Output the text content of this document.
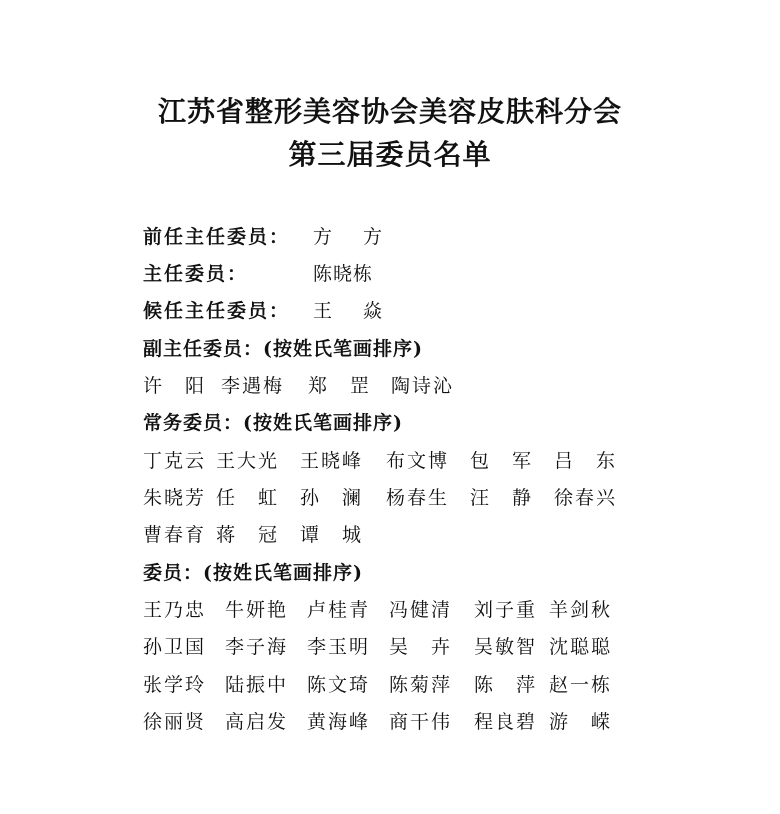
江苏省整形美容协会美容皮肤科分会
第三届委员名单
前任主任委员： 方　方
主任委员：	陈晓栋
候任主任委员： 王　焱
副主任委员：(按姓氏笔画排序)
许　阳 李遇梅 郑　罡 陶诗沁
常务委员：(按姓氏笔画排序)
丁克云 王大光 王晓峰 布文博 包　军 吕　东
朱晓芳 任　虹 孙　澜 杨春生 汪　静 徐春兴
曹春育 蒋　冠 谭　城
委员：(按姓氏笔画排序)
王乃忠 牛妍艳 卢桂青 冯健清 刘子重 羊剑秋
孙卫国 李子海 李玉明 吴　卉 吴敏智 沈聪聪
张学玲 陆振中 陈文琦 陈菊萍 陈　萍 赵一栋
徐丽贤 高启发 黄海峰 商干伟 程良碧 游　嵘
